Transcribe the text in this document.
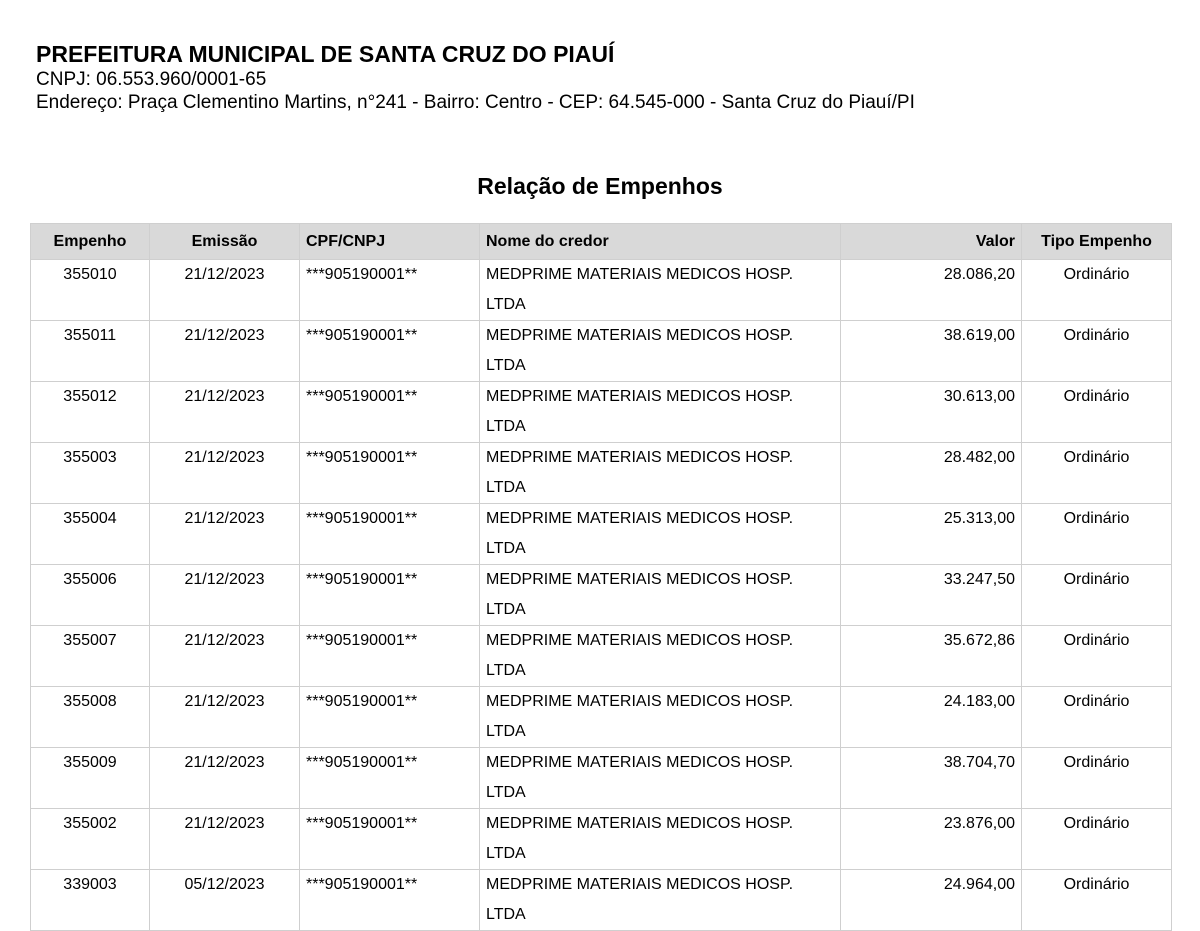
PREFEITURA MUNICIPAL DE SANTA CRUZ DO PIAUÍ

CNPJ: 06.553.960/0001-65

Endereço: Praça Clementino Martins, n°241 - Bairro: Centro - CEP: 64.545-000 - Santa Cruz do Piauí/PI

Relação de Empenhos
Empenho	Emissão	CPF/CNPJ	Nome do credor	Valor	Tipo Empenho
355010	21/12/2023	***905190001**	MEDPRIME MATERIAIS MEDICOS HOSP. LTDA	28.086,20	Ordinário
355011	21/12/2023	***905190001**	MEDPRIME MATERIAIS MEDICOS HOSP. LTDA	38.619,00	Ordinário
355012	21/12/2023	***905190001**	MEDPRIME MATERIAIS MEDICOS HOSP. LTDA	30.613,00	Ordinário
355003	21/12/2023	***905190001**	MEDPRIME MATERIAIS MEDICOS HOSP. LTDA	28.482,00	Ordinário
355004	21/12/2023	***905190001**	MEDPRIME MATERIAIS MEDICOS HOSP. LTDA	25.313,00	Ordinário
355006	21/12/2023	***905190001**	MEDPRIME MATERIAIS MEDICOS HOSP. LTDA	33.247,50	Ordinário
355007	21/12/2023	***905190001**	MEDPRIME MATERIAIS MEDICOS HOSP. LTDA	35.672,86	Ordinário
355008	21/12/2023	***905190001**	MEDPRIME MATERIAIS MEDICOS HOSP. LTDA	24.183,00	Ordinário
355009	21/12/2023	***905190001**	MEDPRIME MATERIAIS MEDICOS HOSP. LTDA	38.704,70	Ordinário
355002	21/12/2023	***905190001**	MEDPRIME MATERIAIS MEDICOS HOSP. LTDA	23.876,00	Ordinário
339003	05/12/2023	***905190001**	MEDPRIME MATERIAIS MEDICOS HOSP. LTDA	24.964,00	Ordinário
